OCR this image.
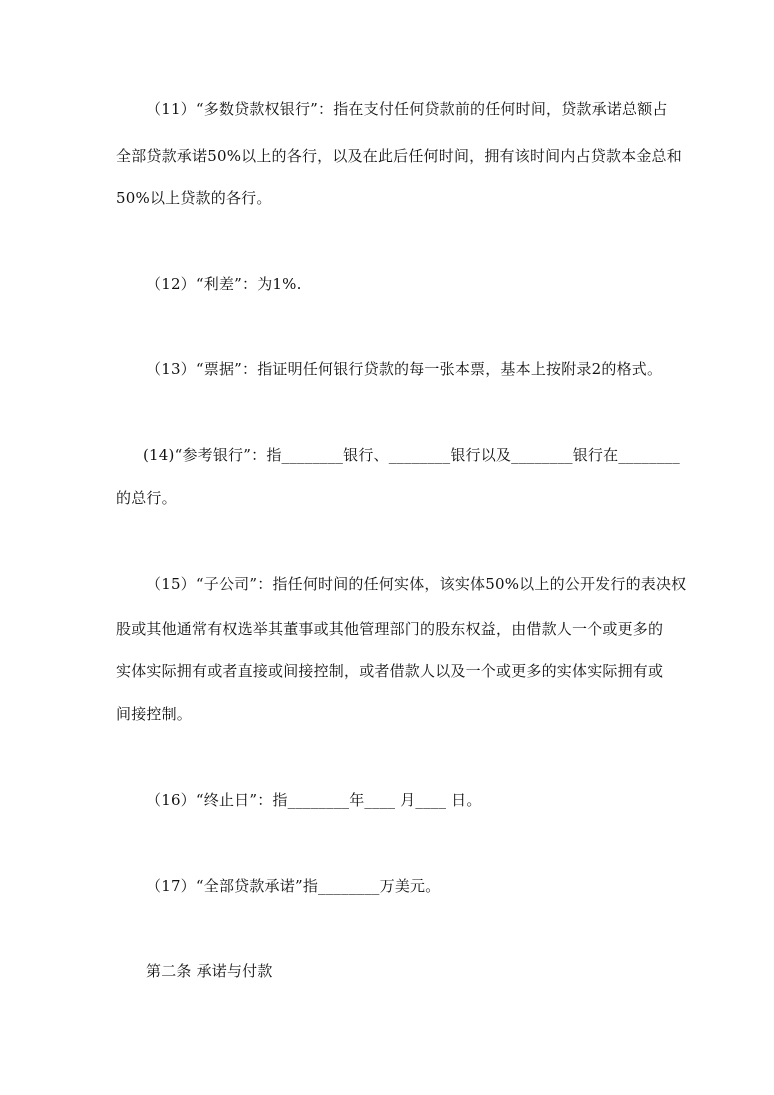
（11）“多数贷款权银行”：指在支付任何贷款前的任何时间，贷款承诺总额占
全部贷款承诺50%以上的各行，以及在此后任何时间，拥有该时间内占贷款本金总和
50%以上贷款的各行。
（12）“利差”：为1%.
（13）“票据”：指证明任何银行贷款的每一张本票，基本上按附录2的格式。
(14)“参考银行”：指________银行、________银行以及________银行在________
的总行。
（15）“子公司”：指任何时间的任何实体，该实体50%以上的公开发行的表决权
股或其他通常有权选举其董事或其他管理部门的股东权益，由借款人一个或更多的
实体实际拥有或者直接或间接控制，或者借款人以及一个或更多的实体实际拥有或
间接控制。
（16）“终止日”：指________年____ 月____ 日。
（17）“全部贷款承诺”指________万美元。
第二条 承诺与付款
